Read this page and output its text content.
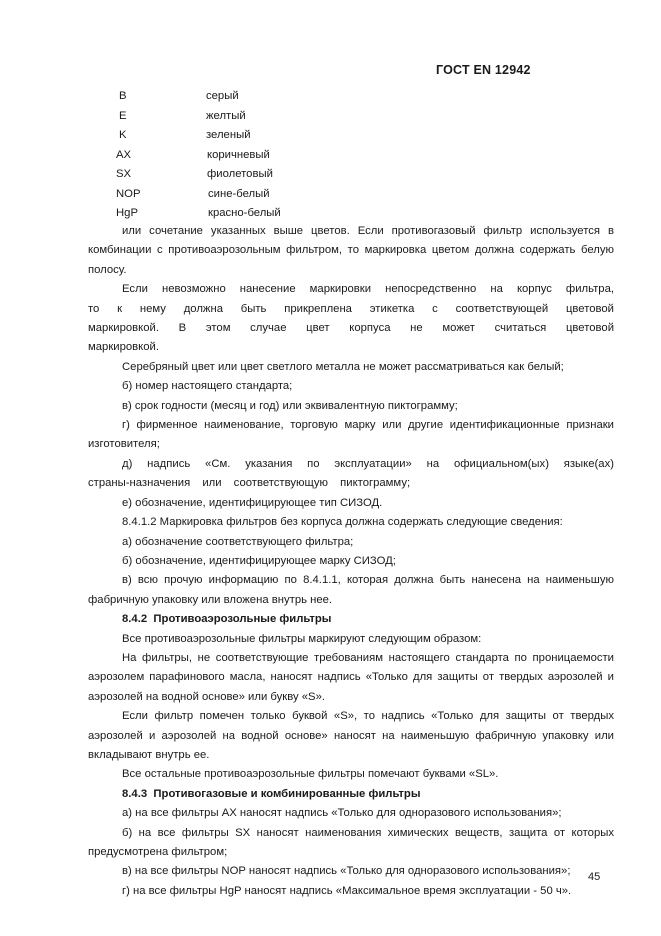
ГОСТ EN 12942
B	серый
E	желтый
K	зеленый
AX	коричневый
SX	фиолетовый
NOP	сине-белый
HgP	красно-белый

или сочетание указанных выше цветов. Если противогазовый фильтр используется в комбинации с противоаэрозольным фильтром, то маркировка цветом должна содержать белую полосу.

Если невозможно нанесение маркировки непосредственно на корпус фильтра, то к нему должна быть прикреплена этикетка с соответствующей цветовой маркировкой. В этом случае цвет корпуса не может считаться цветовой маркировкой.

Серебряный цвет или цвет светлого металла не может рассматриваться как белый;

б) номер настоящего стандарта;

в) срок годности (месяц и год) или эквивалентную пиктограмму;

г) фирменное наименование, торговую марку или другие идентификационные признаки изготовителя;

д) надпись «См. указания по эксплуатации» на официальном(ых) языке(ах) страны-назначения или соответствующую пиктограмму;

е) обозначение, идентифицирующее тип СИЗОД.

8.4.1.2 Маркировка фильтров без корпуса должна содержать следующие сведения:

а) обозначение соответствующего фильтра;

б) обозначение, идентифицирующее марку СИЗОД;

в) всю прочую информацию по 8.4.1.1, которая должна быть нанесена на наименьшую фабричную упаковку или вложена внутрь нее.

8.4.2 Противоаэрозольные фильтры

Все противоаэрозольные фильтры маркируют следующим образом:

На фильтры, не соответствующие требованиям настоящего стандарта по проницаемости аэрозолем парафинового масла, наносят надпись «Только для защиты от твердых аэрозолей и аэрозолей на водной основе» или букву «S».

Если фильтр помечен только буквой «S», то надпись «Только для защиты от твердых аэрозолей и аэрозолей на водной основе» наносят на наименьшую фабричную упаковку или вкладывают внутрь ее.

Все остальные противоаэрозольные фильтры помечают буквами «SL».

8.4.3 Противогазовые и комбинированные фильтры

а) на все фильтры AX наносят надпись «Только для одноразового использования»;

б) на все фильтры SX наносят наименования химических веществ, защита от которых предусмотрена фильтром;

в) на все фильтры NOP наносят надпись «Только для одноразового использования»;

г) на все фильтры HgP наносят надпись «Максимальное время эксплуатации - 50 ч».

45
